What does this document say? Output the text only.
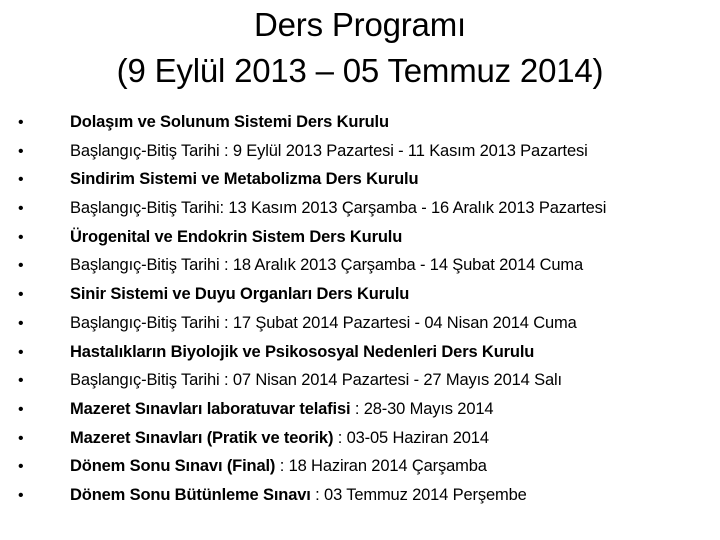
Ders Programı
(9 Eylül 2013 – 05 Temmuz 2014)
•	Dolaşım ve Solunum Sistemi Ders Kurulu
•	Başlangıç-Bitiş Tarihi : 9 Eylül 2013 Pazartesi - 11 Kasım 2013 Pazartesi
•	Sindirim Sistemi ve Metabolizma Ders Kurulu
•	Başlangıç-Bitiş Tarihi: 13 Kasım 2013 Çarşamba - 16 Aralık 2013 Pazartesi
•	Ürogenital ve Endokrin Sistem Ders Kurulu
•	Başlangıç-Bitiş Tarihi : 18 Aralık 2013 Çarşamba - 14 Şubat 2014 Cuma
•	Sinir Sistemi ve Duyu Organları Ders Kurulu
•	Başlangıç-Bitiş Tarihi : 17 Şubat 2014 Pazartesi - 04 Nisan 2014 Cuma
•	Hastalıkların Biyolojik ve Psikososyal Nedenleri Ders Kurulu
•	Başlangıç-Bitiş Tarihi : 07 Nisan 2014 Pazartesi - 27 Mayıs 2014 Salı
•	Mazeret Sınavları laboratuvar telafisi : 28-30 Mayıs 2014
•	Mazeret Sınavları (Pratik ve teorik) : 03-05 Haziran 2014
•	Dönem Sonu Sınavı (Final) : 18 Haziran 2014 Çarşamba
•	Dönem Sonu Bütünleme Sınavı : 03 Temmuz 2014 Perşembe
